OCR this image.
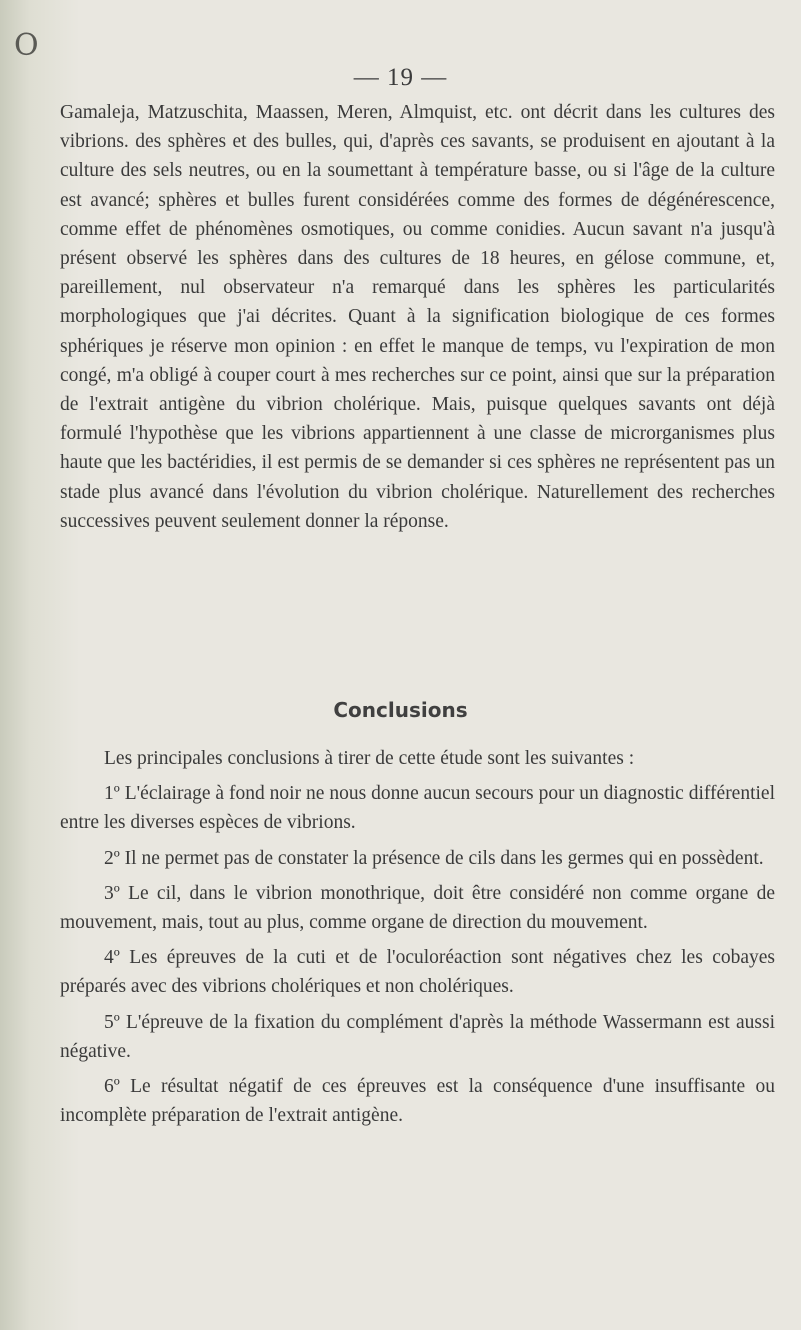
O
— 19 —

Gamaleja, Matzuschita, Maassen, Meren, Almquist, etc. ont décrit dans les cultures des vibrions. des sphères et des bulles, qui, d'après ces savants, se produisent en ajoutant à la culture des sels neutres, ou en la soumettant à température basse, ou si l'âge de la culture est avancé; sphères et bulles furent considérées comme des formes de dégénérescence, comme effet de phénomènes osmotiques, ou comme conidies. Aucun savant n'a jusqu'à présent observé les sphères dans des cultures de 18 heures, en gélose commune, et, pareillement, nul observateur n'a remarqué dans les sphères les particularités morphologiques que j'ai décrites. Quant à la signification biologique de ces formes sphériques je réserve mon opinion : en effet le manque de temps, vu l'expiration de mon congé, m'a obligé à couper court à mes recherches sur ce point, ainsi que sur la préparation de l'extrait antigène du vibrion cholérique. Mais, puisque quelques savants ont déjà formulé l'hypothèse que les vibrions appartiennent à une classe de microrganismes plus haute que les bactéridies, il est permis de se demander si ces sphères ne représentent pas un stade plus avancé dans l'évolution du vibrion cholérique. Naturellement des recherches successives peuvent seulement donner la réponse.

Conclusions

Les principales conclusions à tirer de cette étude sont les suivantes :

1º L'éclairage à fond noir ne nous donne aucun secours pour un diagnostic différentiel entre les diverses espèces de vibrions.

2º Il ne permet pas de constater la présence de cils dans les germes qui en possèdent.

3º Le cil, dans le vibrion monothrique, doit être considéré non comme organe de mouvement, mais, tout au plus, comme organe de direction du mouvement.

4º Les épreuves de la cuti et de l'oculoréaction sont négatives chez les cobayes préparés avec des vibrions cholériques et non cholériques.

5º L'épreuve de la fixation du complément d'après la méthode Wassermann est aussi négative.

6º Le résultat négatif de ces épreuves est la conséquence d'une insuffisante ou incomplète préparation de l'extrait antigène.
